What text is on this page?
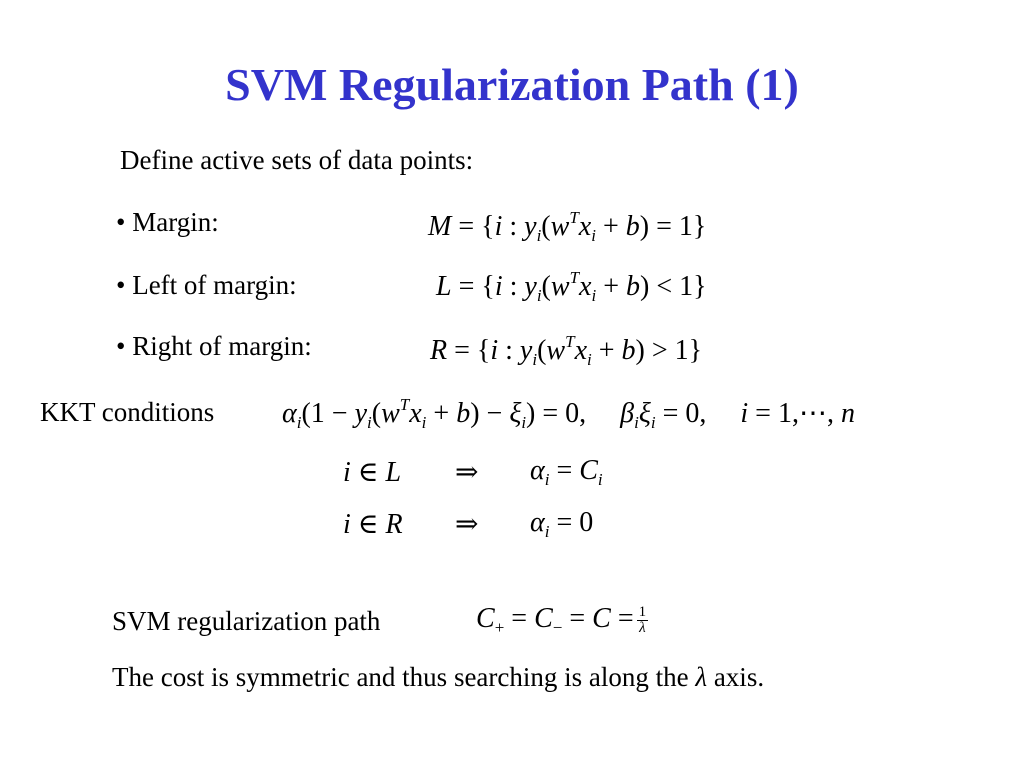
SVM Regularization Path (1)
Define active sets of data points:
• Margin:	M = {i : $y_i(w^Tx_i + b) = 1$}
• Left of margin:	L = {i : $y_i(w^Tx_i + b) < 1$}
• Right of margin:	R = {i : $y_i(w^Tx_i + b) > 1$}
KKT conditions $\alpha_i(1 - y_i(w^Tx_i + b) - \xi_i) = 0$, $\beta_i\xi_i = 0$, i = 1,⋯, n
i ∈ L ⇒ $\alpha_i = C_i$
i ∈ R ⇒ $\alpha_i = 0$
SVM regularization path	$C_+ = C_- = C = \frac{1}{\lambda}$
The cost is symmetric and thus searching is along the λ axis.
